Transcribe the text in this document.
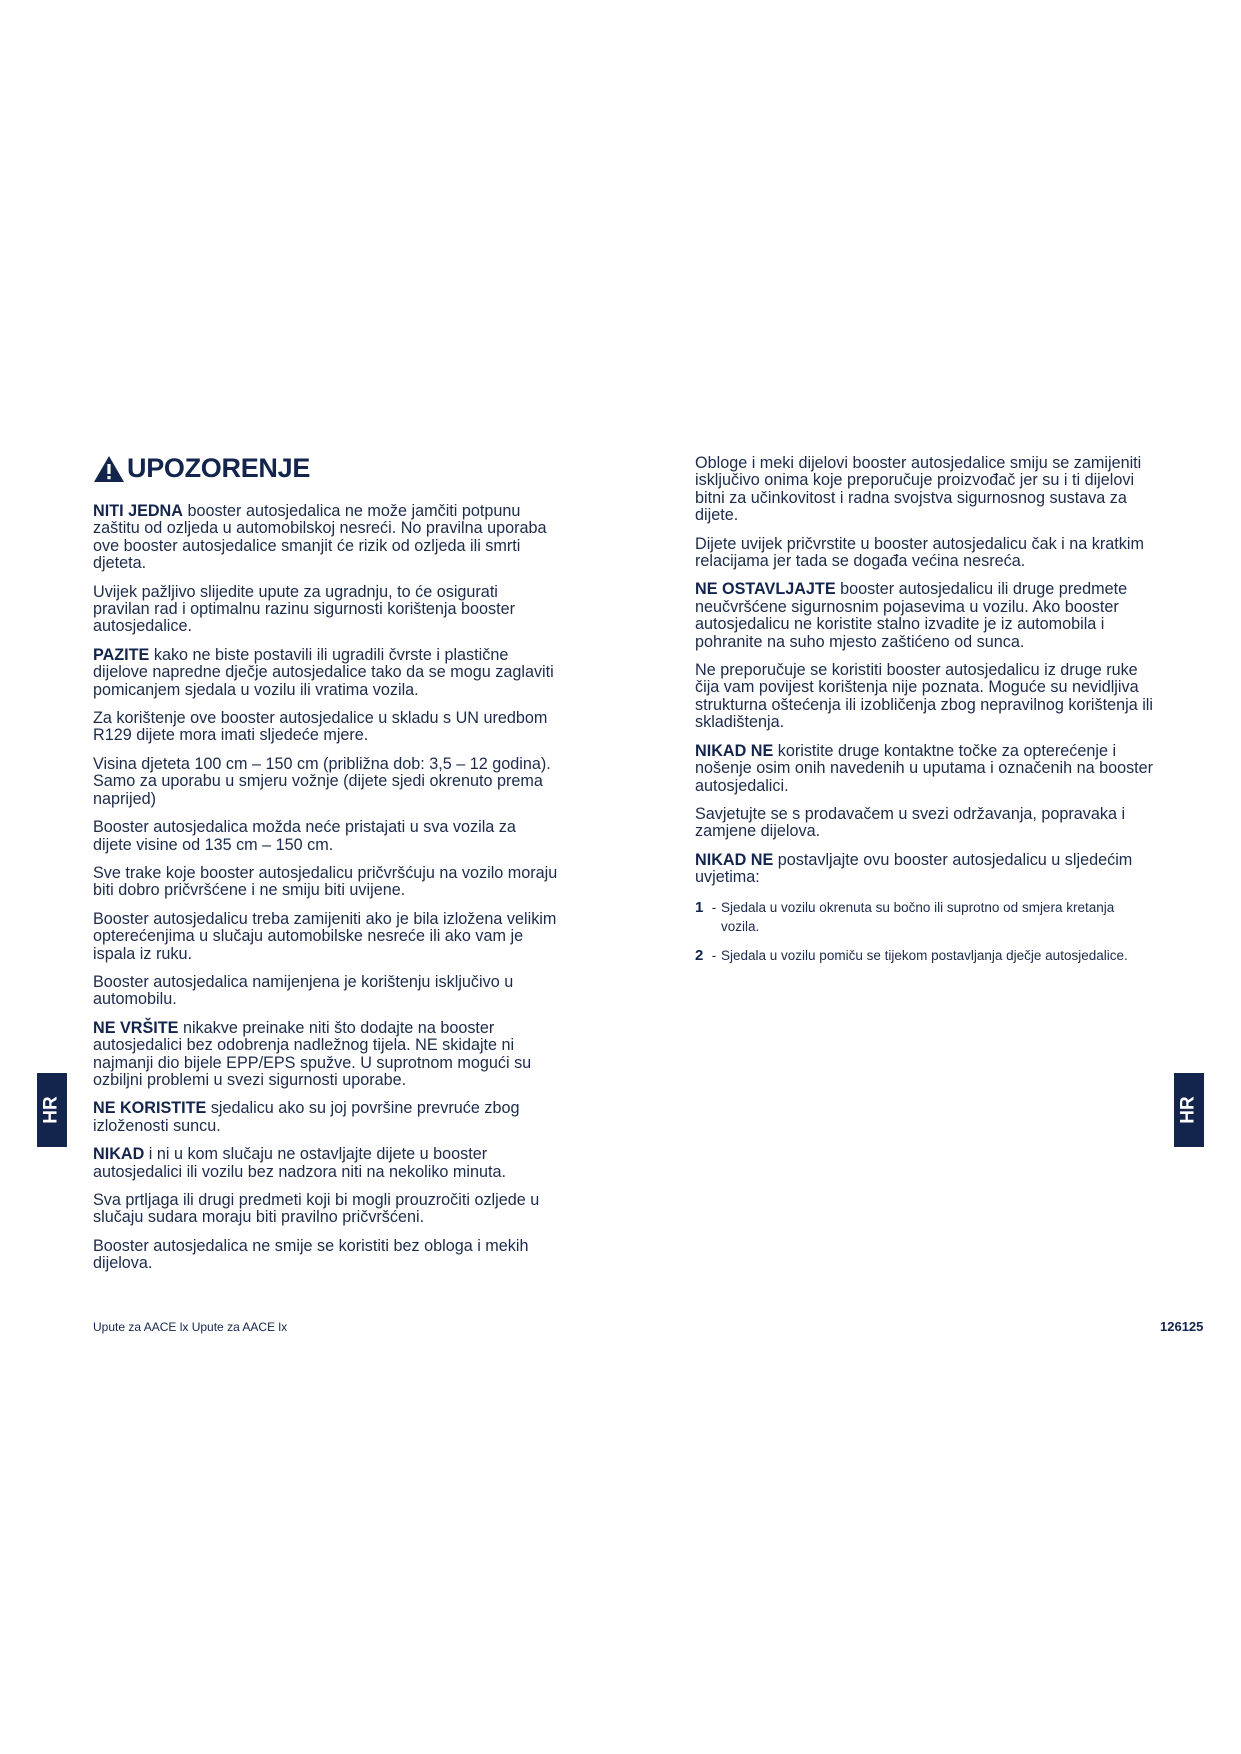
UPOZORENJE

NITI JEDNA booster autosjedalica ne može jamčiti potpunu zaštitu od ozljeda u automobilskoj nesreći. No pravilna uporaba ove booster autosjedalice smanjit će rizik od ozljeda ili smrti djeteta.

Uvijek pažljivo slijedite upute za ugradnju, to će osigurati pravilan rad i optimalnu razinu sigurnosti korištenja booster autosjedalice.

PAZITE kako ne biste postavili ili ugradili čvrste i plastične dijelove napredne dječje autosjedalice tako da se mogu zaglaviti pomicanjem sjedala u vozilu ili vratima vozila.

Za korištenje ove booster autosjedalice u skladu s UN uredbom R129 dijete mora imati sljedeće mjere.

Visina djeteta 100 cm – 150 cm (približna dob: 3,5 – 12 godina). Samo za uporabu u smjeru vožnje (dijete sjedi okrenuto prema naprijed)

Booster autosjedalica možda neće pristajati u sva vozila za dijete visine od 135 cm – 150 cm.

Sve trake koje booster autosjedalicu pričvršćuju na vozilo moraju biti dobro pričvršćene i ne smiju biti uvijene.

Booster autosjedalicu treba zamijeniti ako je bila izložena velikim opterećenjima u slučaju automobilske nesreće ili ako vam je ispala iz ruku.

Booster autosjedalica namijenjena je korištenju isključivo u automobilu.

NE VRŠITE nikakve preinake niti što dodajte na booster autosjedalici bez odobrenja nadležnog tijela. NE skidajte ni najmanji dio bijele EPP/EPS spužve. U suprotnom mogući su ozbiljni problemi u svezi sigurnosti uporabe.

NE KORISTITE sjedalicu ako su joj površine prevruće zbog izloženosti suncu.

NIKAD i ni u kom slučaju ne ostavljajte dijete u booster autosjedalici ili vozilu bez nadzora niti na nekoliko minuta.

Sva prtljaga ili drugi predmeti koji bi mogli prouzročiti ozljede u slučaju sudara moraju biti pravilno pričvršćeni.

Booster autosjedalica ne smije se koristiti bez obloga i mekih dijelova.

Obloge i meki dijelovi booster autosjedalice smiju se zamijeniti isključivo onima koje preporučuje proizvođač jer su i ti dijelovi bitni za učinkovitost i radna svojstva sigurnosnog sustava za dijete.

Dijete uvijek pričvrstite u booster autosjedalicu čak i na kratkim relacijama jer tada se događa većina nesreća.

NE OSTAVLJAJTE booster autosjedalicu ili druge predmete neučvršćene sigurnosnim pojasevima u vozilu. Ako booster autosjedalicu ne koristite stalno izvadite je iz automobila i pohranite na suho mjesto zaštićeno od sunca.

Ne preporučuje se koristiti booster autosjedalicu iz druge ruke čija vam povijest korištenja nije poznata. Moguće su nevidljiva strukturna oštećenja ili izobličenja zbog nepravilnog korištenja ili skladištenja.

NIKAD NE koristite druge kontaktne točke za opterećenje i nošenje osim onih navedenih u uputama i označenih na booster autosjedalici.

Savjetujte se s prodavačem u svezi održavanja, popravaka i zamjene dijelova.

NIKAD NE postavljajte ovu booster autosjedalicu u sljedećim uvjetima:

1 - Sjedala u vozilu okrenuta su bočno ili suprotno od smjera kretanja vozila.
2 - Sjedala u vozilu pomiču se tijekom postavljanja dječje autosjedalice.
HR	HR
Upute za AACE lx Upute za AACE lx	126125
